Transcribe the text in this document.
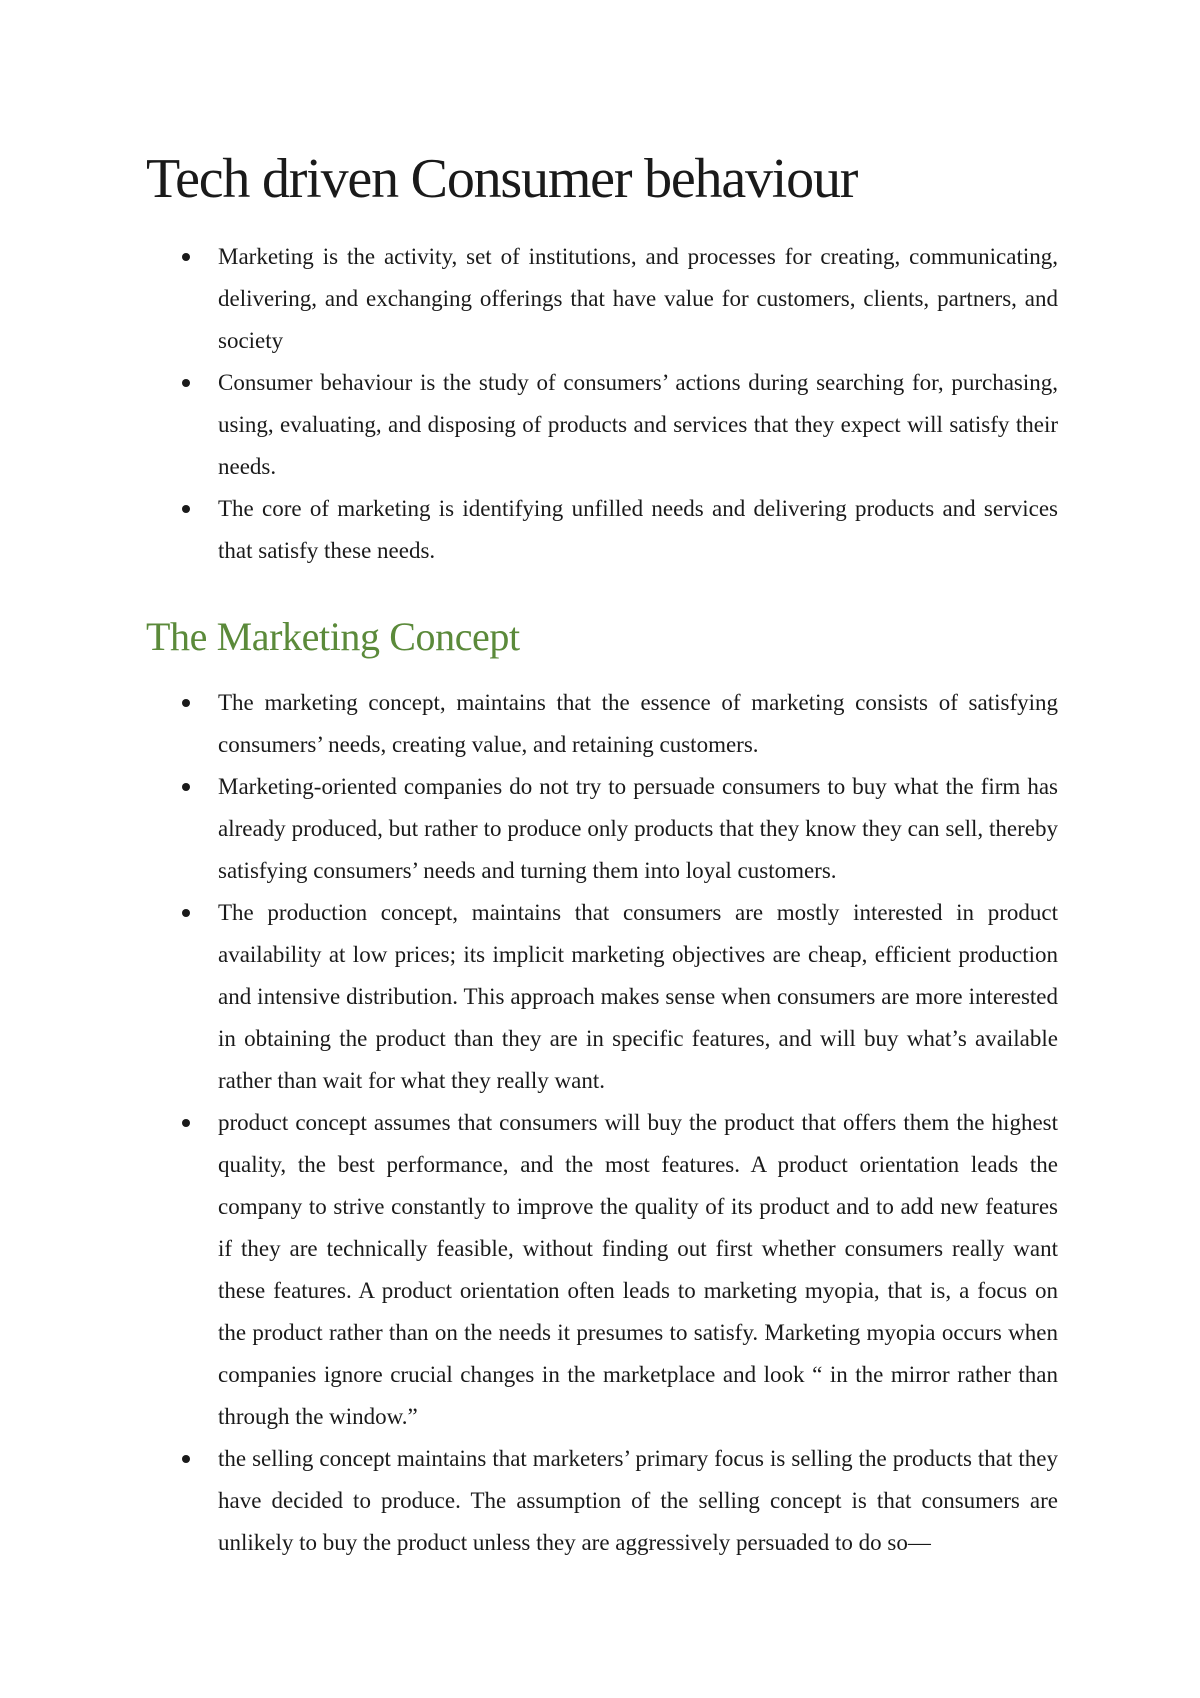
Tech driven Consumer behaviour
Marketing is the activity, set of institutions, and processes for creating, communicating, delivering, and exchanging offerings that have value for customers, clients, partners, and society
Consumer behaviour is the study of consumers’ actions during searching for, purchasing, using, evaluating, and disposing of products and services that they expect will satisfy their needs.
The core of marketing is identifying unfilled needs and delivering products and services that satisfy these needs.
The Marketing Concept
The marketing concept, maintains that the essence of marketing consists of satisfying consumers’ needs, creating value, and retaining customers.
Marketing-oriented companies do not try to persuade consumers to buy what the firm has already produced, but rather to produce only products that they know they can sell, thereby satisfying consumers’ needs and turning them into loyal customers.
The production concept, maintains that consumers are mostly interested in product availability at low prices; its implicit marketing objectives are cheap, efficient production and intensive distribution. This approach makes sense when consumers are more interested in obtaining the product than they are in specific features, and will buy what’s available rather than wait for what they really want.
product concept assumes that consumers will buy the product that offers them the highest quality, the best performance, and the most features. A product orientation leads the company to strive constantly to improve the quality of its product and to add new features if they are technically feasible, without finding out first whether consumers really want these features. A product orientation often leads to marketing myopia, that is, a focus on the product rather than on the needs it presumes to satisfy. Marketing myopia occurs when companies ignore crucial changes in the marketplace and look “ in the mirror rather than through the window.”
the selling concept maintains that marketers’ primary focus is selling the products that they have decided to produce. The assumption of the selling concept is that consumers are unlikely to buy the product unless they are aggressively persuaded to do so—
